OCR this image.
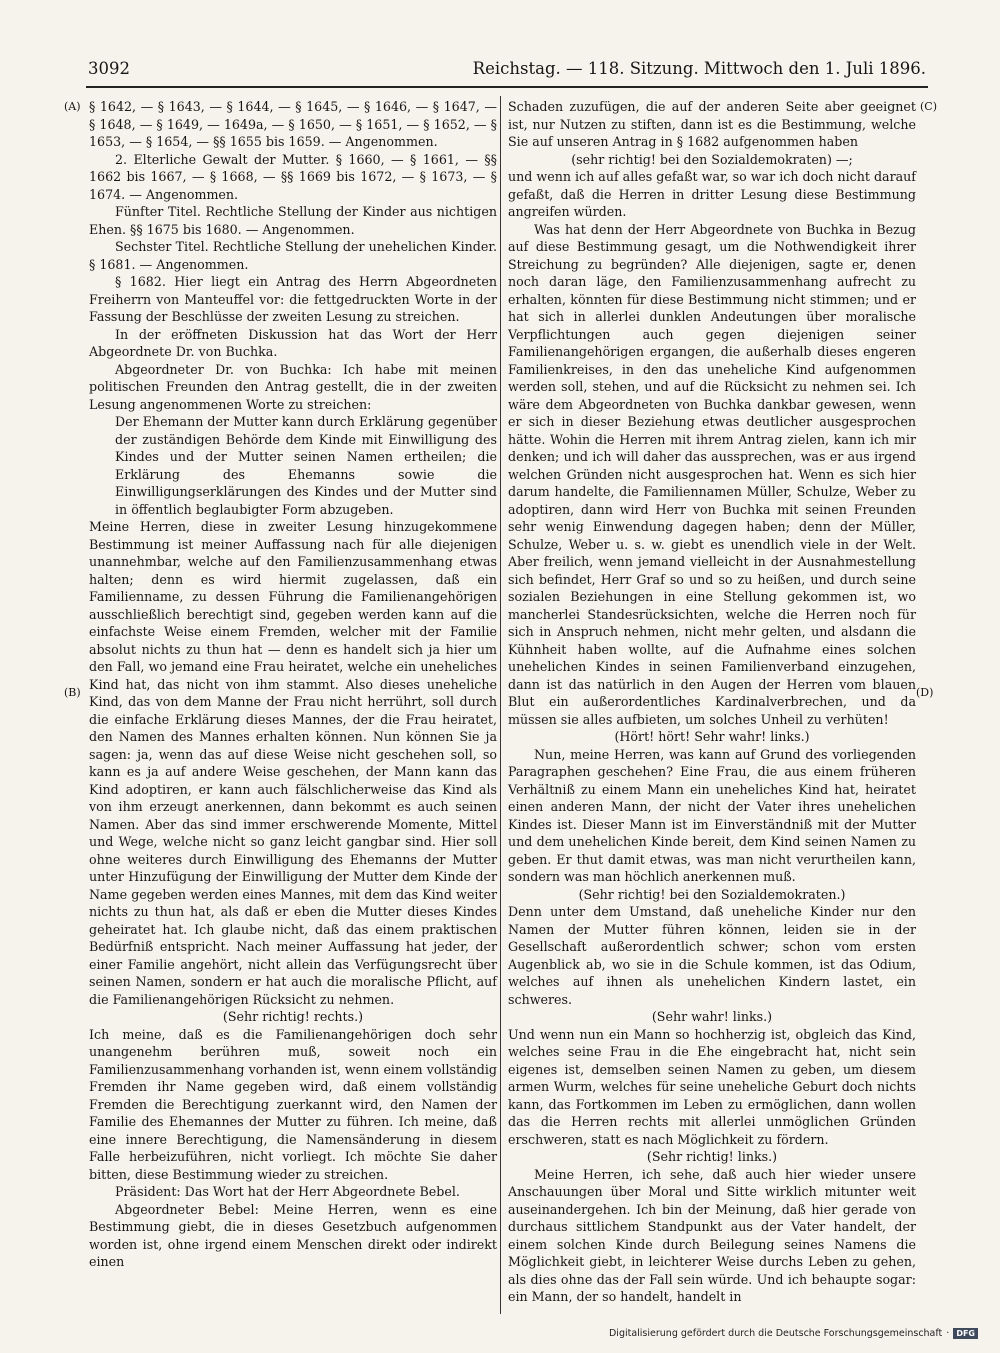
3092	Reichstag. — 118. Sitzung. Mittwoch den 1. Juli 1896.
(A)
(B)
(C)
(D)

§ 1642, — § 1643, — § 1644, — § 1645, — § 1646, — § 1647, — § 1648, — § 1649, — 1649a, — § 1650, — § 1651, — § 1652, — § 1653, — § 1654, — §§ 1655 bis 1659. — Angenommen.

2. Elterliche Gewalt der Mutter. § 1660, — § 1661, — §§ 1662 bis 1667, — § 1668, — §§ 1669 bis 1672, — § 1673, — § 1674. — Angenommen.

Fünfter Titel. Rechtliche Stellung der Kinder aus nichtigen Ehen. §§ 1675 bis 1680. — Angenommen.

Sechster Titel. Rechtliche Stellung der unehelichen Kinder. § 1681. — Angenommen.

§ 1682. Hier liegt ein Antrag des Herrn Abgeordneten Freiherrn von Manteuffel vor: die fettgedruckten Worte in der Fassung der Beschlüsse der zweiten Lesung zu streichen.

In der eröffneten Diskussion hat das Wort der Herr Abgeordnete Dr. von Buchka.

Abgeordneter Dr. von Buchka: Ich habe mit meinen politischen Freunden den Antrag gestellt, die in der zweiten Lesung angenommenen Worte zu streichen:

Der Ehemann der Mutter kann durch Erklärung gegenüber der zuständigen Behörde dem Kinde mit Einwilligung des Kindes und der Mutter seinen Namen ertheilen; die Erklärung des Ehemanns sowie die Einwilligungserklärungen des Kindes und der Mutter sind in öffentlich beglaubigter Form abzugeben.

Meine Herren, diese in zweiter Lesung hinzugekommene Bestimmung ist meiner Auffassung nach für alle diejenigen unannehmbar, welche auf den Familienzusammenhang etwas halten; denn es wird hiermit zugelassen, daß ein Familienname, zu dessen Führung die Familienangehörigen ausschließlich berechtigt sind, gegeben werden kann auf die einfachste Weise einem Fremden, welcher mit der Familie absolut nichts zu thun hat — denn es handelt sich ja hier um den Fall, wo jemand eine Frau heiratet, welche ein uneheliches Kind hat, das nicht von ihm stammt. Also dieses uneheliche Kind, das von dem Manne der Frau nicht herrührt, soll durch die einfache Erklärung dieses Mannes, der die Frau heiratet, den Namen des Mannes erhalten können. Nun können Sie ja sagen: ja, wenn das auf diese Weise nicht geschehen soll, so kann es ja auf andere Weise geschehen, der Mann kann das Kind adoptiren, er kann auch fälschlicherweise das Kind als von ihm erzeugt anerkennen, dann bekommt es auch seinen Namen. Aber das sind immer erschwerende Momente, Mittel und Wege, welche nicht so ganz leicht gangbar sind. Hier soll ohne weiteres durch Einwilligung des Ehemanns der Mutter unter Hinzufügung der Einwilligung der Mutter dem Kinde der Name gegeben werden eines Mannes, mit dem das Kind weiter nichts zu thun hat, als daß er eben die Mutter dieses Kindes geheiratet hat. Ich glaube nicht, daß das einem praktischen Bedürfniß entspricht. Nach meiner Auffassung hat jeder, der einer Familie angehört, nicht allein das Verfügungsrecht über seinen Namen, sondern er hat auch die moralische Pflicht, auf die Familienangehörigen Rücksicht zu nehmen.

(Sehr richtig! rechts.)

Ich meine, daß es die Familienangehörigen doch sehr unangenehm berühren muß, soweit noch ein Familienzusammenhang vorhanden ist, wenn einem vollständig Fremden ihr Name gegeben wird, daß einem vollständig Fremden die Berechtigung zuerkannt wird, den Namen der Familie des Ehemannes der Mutter zu führen. Ich meine, daß eine innere Berechtigung, die Namensänderung in diesem Falle herbeizuführen, nicht vorliegt. Ich möchte Sie daher bitten, diese Bestimmung wieder zu streichen.

Präsident: Das Wort hat der Herr Abgeordnete Bebel.

Abgeordneter Bebel: Meine Herren, wenn es eine Bestimmung giebt, die in dieses Gesetzbuch aufgenommen worden ist, ohne irgend einem Menschen direkt oder indirekt einen

Schaden zuzufügen, die auf der anderen Seite aber geeignet ist, nur Nutzen zu stiften, dann ist es die Bestimmung, welche Sie auf unseren Antrag in § 1682 aufgenommen haben

(sehr richtig! bei den Sozialdemokraten) —;

und wenn ich auf alles gefaßt war, so war ich doch nicht darauf gefaßt, daß die Herren in dritter Lesung diese Bestimmung angreifen würden.

Was hat denn der Herr Abgeordnete von Buchka in Bezug auf diese Bestimmung gesagt, um die Nothwendigkeit ihrer Streichung zu begründen? Alle diejenigen, sagte er, denen noch daran läge, den Familienzusammenhang aufrecht zu erhalten, könnten für diese Bestimmung nicht stimmen; und er hat sich in allerlei dunklen Andeutungen über moralische Verpflichtungen auch gegen diejenigen seiner Familienangehörigen ergangen, die außerhalb dieses engeren Familienkreises, in den das uneheliche Kind aufgenommen werden soll, stehen, und auf die Rücksicht zu nehmen sei. Ich wäre dem Abgeordneten von Buchka dankbar gewesen, wenn er sich in dieser Beziehung etwas deutlicher ausgesprochen hätte. Wohin die Herren mit ihrem Antrag zielen, kann ich mir denken; und ich will daher das aussprechen, was er aus irgend welchen Gründen nicht ausgesprochen hat. Wenn es sich hier darum handelte, die Familiennamen Müller, Schulze, Weber zu adoptiren, dann wird Herr von Buchka mit seinen Freunden sehr wenig Einwendung dagegen haben; denn der Müller, Schulze, Weber u. s. w. giebt es unendlich viele in der Welt. Aber freilich, wenn jemand vielleicht in der Ausnahmestellung sich befindet, Herr Graf so und so zu heißen, und durch seine sozialen Beziehungen in eine Stellung gekommen ist, wo mancherlei Standesrücksichten, welche die Herren noch für sich in Anspruch nehmen, nicht mehr gelten, und alsdann die Kühnheit haben wollte, auf die Aufnahme eines solchen unehelichen Kindes in seinen Familienverband einzugehen, dann ist das natürlich in den Augen der Herren vom blauen Blut ein außerordentliches Kardinalverbrechen, und da müssen sie alles aufbieten, um solches Unheil zu verhüten!

(Hört! hört! Sehr wahr! links.)

Nun, meine Herren, was kann auf Grund des vorliegenden Paragraphen geschehen? Eine Frau, die aus einem früheren Verhältniß zu einem Mann ein uneheliches Kind hat, heiratet einen anderen Mann, der nicht der Vater ihres unehelichen Kindes ist. Dieser Mann ist im Einverständniß mit der Mutter und dem unehelichen Kinde bereit, dem Kind seinen Namen zu geben. Er thut damit etwas, was man nicht verurtheilen kann, sondern was man höchlich anerkennen muß.

(Sehr richtig! bei den Sozialdemokraten.)

Denn unter dem Umstand, daß uneheliche Kinder nur den Namen der Mutter führen können, leiden sie in der Gesellschaft außerordentlich schwer; schon vom ersten Augenblick ab, wo sie in die Schule kommen, ist das Odium, welches auf ihnen als unehelichen Kindern lastet, ein schweres.

(Sehr wahr! links.)

Und wenn nun ein Mann so hochherzig ist, obgleich das Kind, welches seine Frau in die Ehe eingebracht hat, nicht sein eigenes ist, demselben seinen Namen zu geben, um diesem armen Wurm, welches für seine uneheliche Geburt doch nichts kann, das Fortkommen im Leben zu ermöglichen, dann wollen das die Herren rechts mit allerlei unmöglichen Gründen erschweren, statt es nach Möglichkeit zu fördern.

(Sehr richtig! links.)

Meine Herren, ich sehe, daß auch hier wieder unsere Anschauungen über Moral und Sitte wirklich mitunter weit auseinandergehen. Ich bin der Meinung, daß hier gerade von durchaus sittlichem Standpunkt aus der Vater handelt, der einem solchen Kinde durch Beilegung seines Namens die Möglichkeit giebt, in leichterer Weise durchs Leben zu gehen, als dies ohne das der Fall sein würde. Und ich behaupte sogar: ein Mann, der so handelt, handelt in

Digitalisierung gefördert durch die Deutsche Forschungsgemeinschaft · DFG
